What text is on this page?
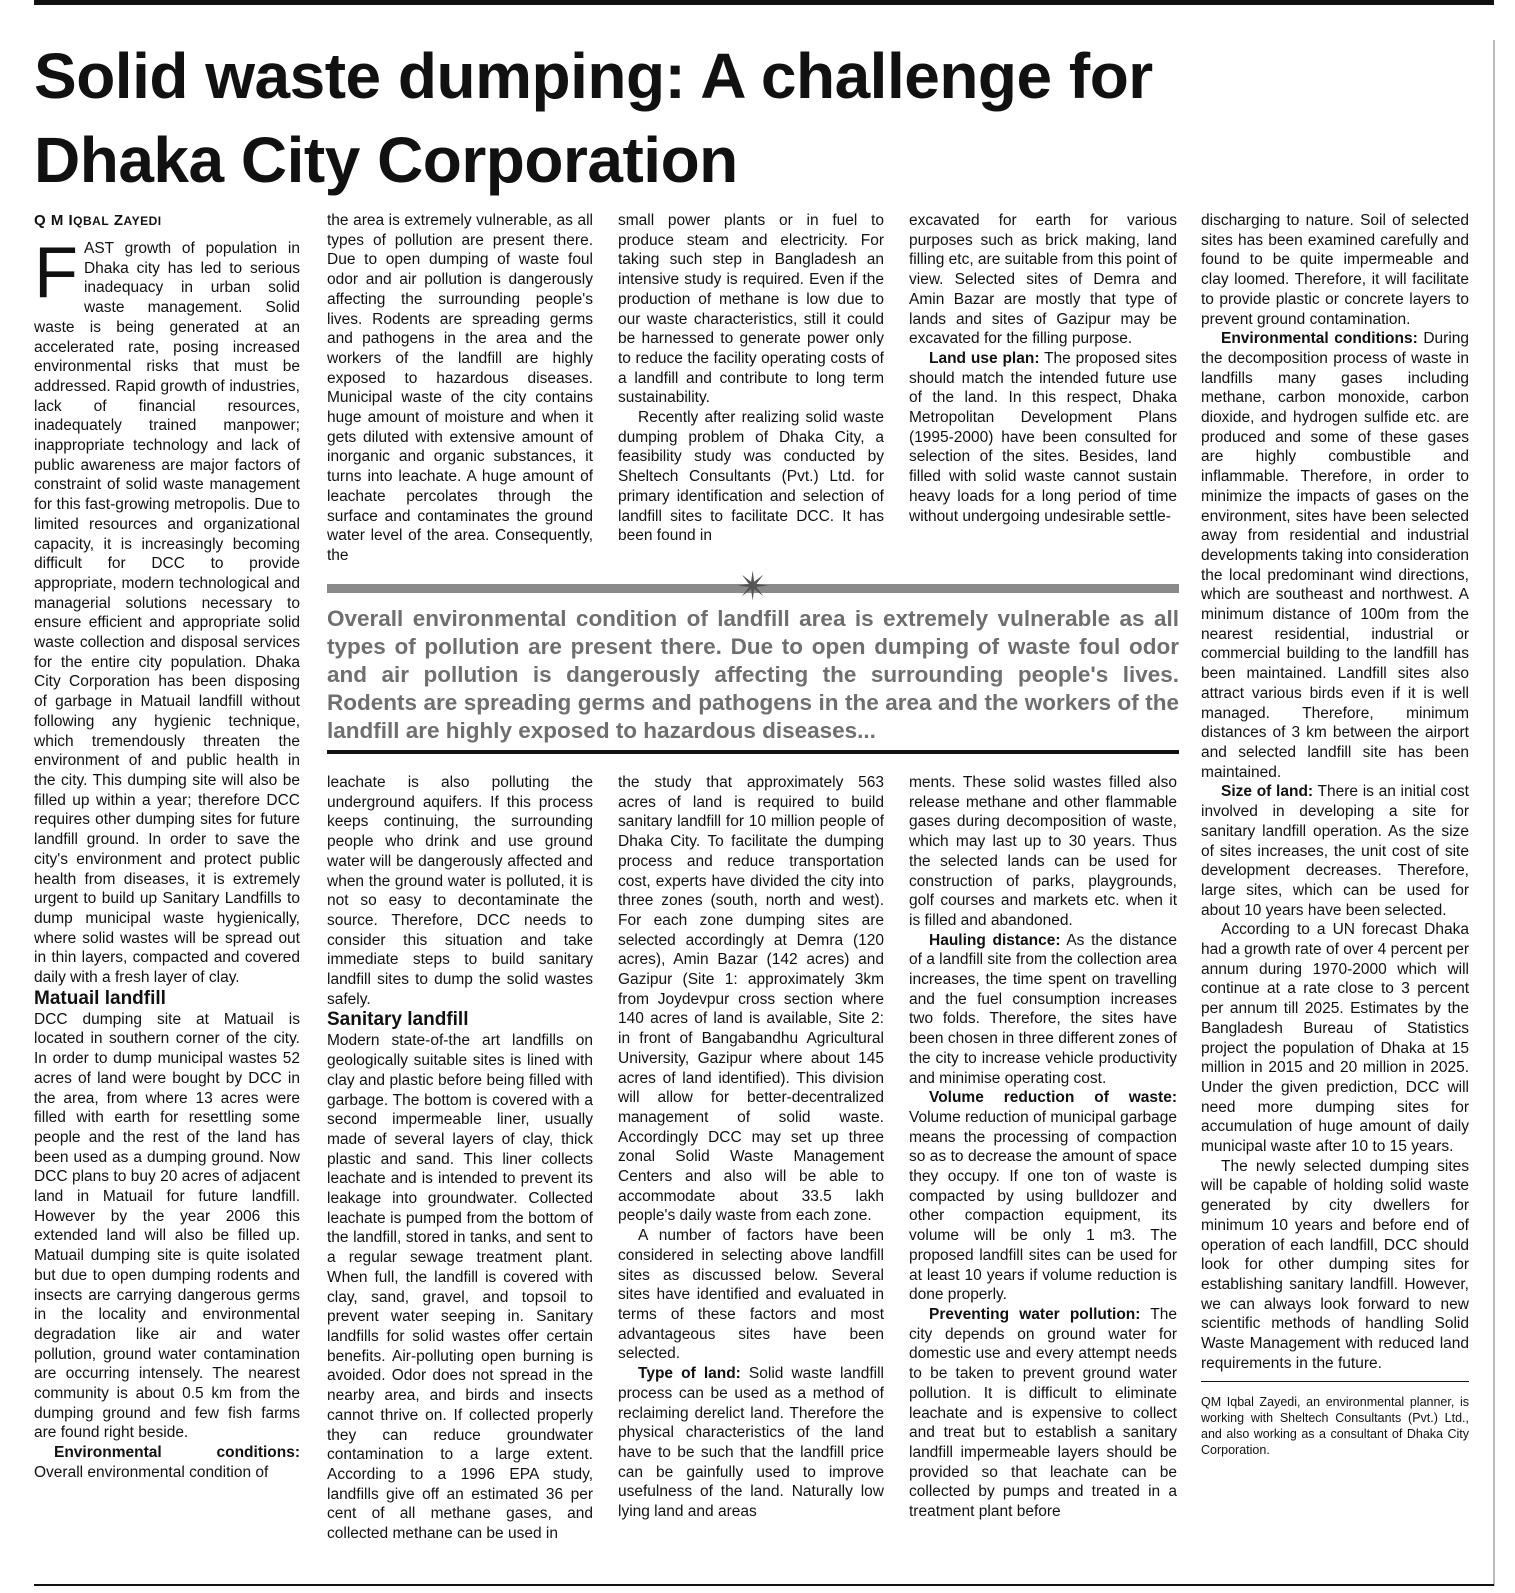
Solid waste dumping: A challenge for Dhaka City Corporation
Q M IQBAL ZAYEDI
F AST growth of population in Dhaka city has led to serious inadequacy in urban solid waste management. Solid waste is being generated at an accelerated rate, posing increased environmental risks that must be addressed. Rapid growth of industries, lack of financial resources, inadequately trained manpower; inappropriate technology and lack of public awareness are major factors of constraint of solid waste management for this fast-growing metropolis. Due to limited resources and organizational capacity, it is increasingly becoming difficult for DCC to provide appropriate, modern technological and managerial solutions necessary to ensure efficient and appropriate solid waste collection and disposal services for the entire city population. Dhaka City Corporation has been disposing of garbage in Matuail landfill without following any hygienic technique, which tremendously threaten the environment of and public health in the city. This dumping site will also be filled up within a year; therefore DCC requires other dumping sites for future landfill ground. In order to save the city's environment and protect public health from diseases, it is extremely urgent to build up Sanitary Landfills to dump municipal waste hygienically, where solid wastes will be spread out in thin layers, compacted and covered daily with a fresh layer of clay.

Matuail landfill

DCC dumping site at Matuail is located in southern corner of the city. In order to dump municipal wastes 52 acres of land were bought by DCC in the area, from where 13 acres were filled with earth for resettling some people and the rest of the land has been used as a dumping ground. Now DCC plans to buy 20 acres of adjacent land in Matuail for future landfill. However by the year 2006 this extended land will also be filled up. Matuail dumping site is quite isolated but due to open dumping rodents and insects are carrying dangerous germs in the locality and environmental degradation like air and water pollution, ground water contamination are occurring intensely. The nearest community is about 0.5 km from the dumping ground and few fish farms are found right beside.

Environmental conditions: Overall environmental condition of

the area is extremely vulnerable, as all types of pollution are present there. Due to open dumping of waste foul odor and air pollution is dangerously affecting the surrounding people's lives. Rodents are spreading germs and pathogens in the area and the workers of the landfill are highly exposed to hazardous diseases. Municipal waste of the city contains huge amount of moisture and when it gets diluted with extensive amount of inorganic and organic substances, it turns into leachate. A huge amount of leachate percolates through the surface and contaminates the ground water level of the area. Consequently, the

small power plants or in fuel to produce steam and electricity. For taking such step in Bangladesh an intensive study is required. Even if the production of methane is low due to our waste characteristics, still it could be harnessed to generate power only to reduce the facility operating costs of a landfill and contribute to long term sustainability.

Recently after realizing solid waste dumping problem of Dhaka City, a feasibility study was conducted by Sheltech Consultants (Pvt.) Ltd. for primary identification and selection of landfill sites to facilitate DCC. It has been found in

excavated for earth for various purposes such as brick making, land filling etc, are suitable from this point of view. Selected sites of Demra and Amin Bazar are mostly that type of lands and sites of Gazipur may be excavated for the filling purpose.

Land use plan: The proposed sites should match the intended future use of the land. In this respect, Dhaka Metropolitan Development Plans (1995-2000) have been consulted for selection of the sites. Besides, land filled with solid waste cannot sustain heavy loads for a long period of time without undergoing undesirable settle-

✴

Overall environmental condition of landfill area is extremely vulnerable as all types of pollution are present there. Due to open dumping of waste foul odor and air pollution is dangerously affecting the surrounding people's lives. Rodents are spreading germs and pathogens in the area and the workers of the landfill are highly exposed to hazardous diseases...

leachate is also polluting the underground aquifers. If this process keeps continuing, the surrounding people who drink and use ground water will be dangerously affected and when the ground water is polluted, it is not so easy to decontaminate the source. Therefore, DCC needs to consider this situation and take immediate steps to build sanitary landfill sites to dump the solid wastes safely.

Sanitary landfill

Modern state-of-the art landfills on geologically suitable sites is lined with clay and plastic before being filled with garbage. The bottom is covered with a second impermeable liner, usually made of several layers of clay, thick plastic and sand. This liner collects leachate and is intended to prevent its leakage into groundwater. Collected leachate is pumped from the bottom of the landfill, stored in tanks, and sent to a regular sewage treatment plant. When full, the landfill is covered with clay, sand, gravel, and topsoil to prevent water seeping in. Sanitary landfills for solid wastes offer certain benefits. Air-polluting open burning is avoided. Odor does not spread in the nearby area, and birds and insects cannot thrive on. If collected properly they can reduce groundwater contamination to a large extent. According to a 1996 EPA study, landfills give off an estimated 36 per cent of all methane gases, and collected methane can be used in

the study that approximately 563 acres of land is required to build sanitary landfill for 10 million people of Dhaka City. To facilitate the dumping process and reduce transportation cost, experts have divided the city into three zones (south, north and west). For each zone dumping sites are selected accordingly at Demra (120 acres), Amin Bazar (142 acres) and Gazipur (Site 1: approximately 3km from Joydevpur cross section where 140 acres of land is available, Site 2: in front of Bangabandhu Agricultural University, Gazipur where about 145 acres of land identified). This division will allow for better-decentralized management of solid waste. Accordingly DCC may set up three zonal Solid Waste Management Centers and also will be able to accommodate about 33.5 lakh people's daily waste from each zone.

A number of factors have been considered in selecting above landfill sites as discussed below. Several sites have identified and evaluated in terms of these factors and most advantageous sites have been selected.

Type of land: Solid waste landfill process can be used as a method of reclaiming derelict land. Therefore the physical characteristics of the land have to be such that the landfill price can be gainfully used to improve usefulness of the land. Naturally low lying land and areas

ments. These solid wastes filled also release methane and other flammable gases during decomposition of waste, which may last up to 30 years. Thus the selected lands can be used for construction of parks, playgrounds, golf courses and markets etc. when it is filled and abandoned.

Hauling distance: As the distance of a landfill site from the collection area increases, the time spent on travelling and the fuel consumption increases two folds. Therefore, the sites have been chosen in three different zones of the city to increase vehicle productivity and minimise operating cost.

Volume reduction of waste: Volume reduction of municipal garbage means the processing of compaction so as to decrease the amount of space they occupy. If one ton of waste is compacted by using bulldozer and other compaction equipment, its volume will be only 1 m3. The proposed landfill sites can be used for at least 10 years if volume reduction is done properly.

Preventing water pollution: The city depends on ground water for domestic use and every attempt needs to be taken to prevent ground water pollution. It is difficult to eliminate leachate and is expensive to collect and treat but to establish a sanitary landfill impermeable layers should be provided so that leachate can be collected by pumps and treated in a treatment plant before

discharging to nature. Soil of selected sites has been examined carefully and found to be quite impermeable and clay loomed. Therefore, it will facilitate to provide plastic or concrete layers to prevent ground contamination.

Environmental conditions: During the decomposition process of waste in landfills many gases including methane, carbon monoxide, carbon dioxide, and hydrogen sulfide etc. are produced and some of these gases are highly combustible and inflammable. Therefore, in order to minimize the impacts of gases on the environment, sites have been selected away from residential and industrial developments taking into consideration the local predominant wind directions, which are southeast and northwest. A minimum distance of 100m from the nearest residential, industrial or commercial building to the landfill has been maintained. Landfill sites also attract various birds even if it is well managed. Therefore, minimum distances of 3 km between the airport and selected landfill site has been maintained.

Size of land: There is an initial cost involved in developing a site for sanitary landfill operation. As the size of sites increases, the unit cost of site development decreases. Therefore, large sites, which can be used for about 10 years have been selected.

According to a UN forecast Dhaka had a growth rate of over 4 percent per annum during 1970-2000 which will continue at a rate close to 3 percent per annum till 2025. Estimates by the Bangladesh Bureau of Statistics project the population of Dhaka at 15 million in 2015 and 20 million in 2025. Under the given prediction, DCC will need more dumping sites for accumulation of huge amount of daily municipal waste after 10 to 15 years.

The newly selected dumping sites will be capable of holding solid waste generated by city dwellers for minimum 10 years and before end of operation of each landfill, DCC should look for other dumping sites for establishing sanitary landfill. However, we can always look forward to new scientific methods of handling Solid Waste Management with reduced land requirements in the future.

QM Iqbal Zayedi, an environmental planner, is working with Sheltech Consultants (Pvt.) Ltd., and also working as a consultant of Dhaka City Corporation.
